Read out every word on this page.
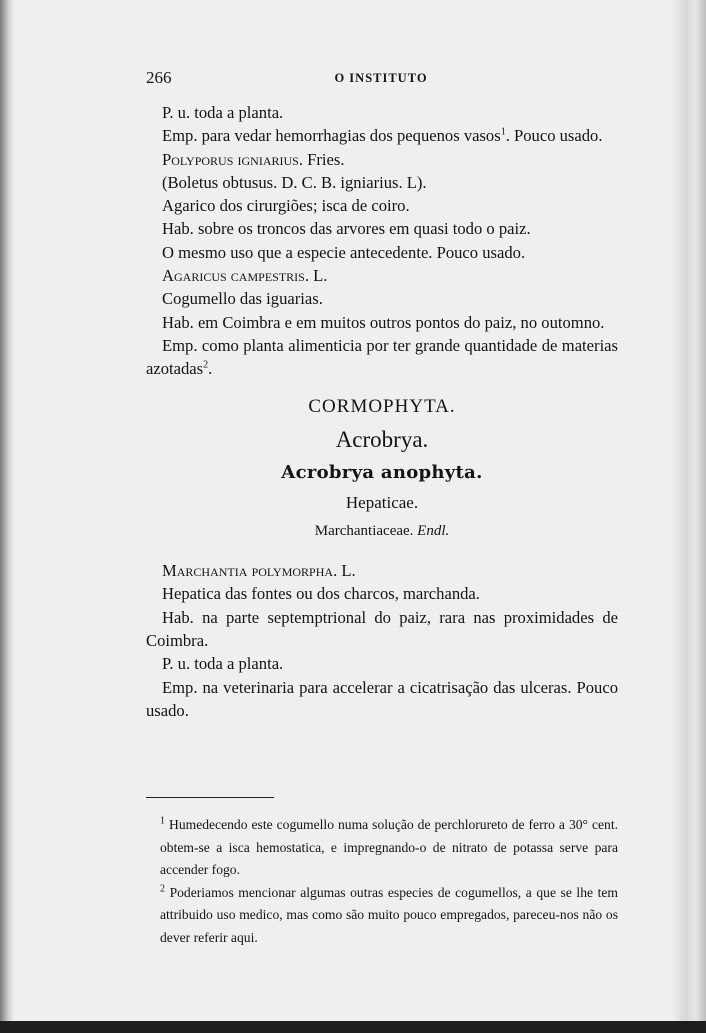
266	O INSTITUTO

P. u. toda a planta.

Emp. para vedar hemorrhagias dos pequenos vasos$^1$. Pouco usado.

Polyporus igniarius. Fries.

(Boletus obtusus. D. C. B. igniarius. L).

Agarico dos cirurgiões; isca de coiro.

Hab. sobre os troncos das arvores em quasi todo o paiz.

O mesmo uso que a especie antecedente. Pouco usado.

Agaricus campestris. L.

Cogumello das iguarias.

Hab. em Coimbra e em muitos outros pontos do paiz, no outomno.

Emp. como planta alimenticia por ter grande quantidade de materias azotadas$^2$.

CORMOPHYTA.

Acrobrya.

Acrobrya anophyta.

Hepaticae.

Marchantiaceae. Endl.

Marchantia polymorpha. L.

Hepatica das fontes ou dos charcos, marchanda.

Hab. na parte septemptrional do paiz, rara nas proximidades de Coimbra.

P. u. toda a planta.

Emp. na veterinaria para accelerar a cicatrisação das ulceras. Pouco usado.

$^1$ Humedecendo este cogumello numa solução de perchlorureto de ferro a 30° cent. obtem-se a isca hemostatica, e impregnando-o de nitrato de potassa serve para accender fogo.

$^2$ Poderiamos mencionar algumas outras especies de cogumellos, a que se lhe tem attribuido uso medico, mas como são muito pouco empregados, pareceu-nos não os dever referir aqui.
